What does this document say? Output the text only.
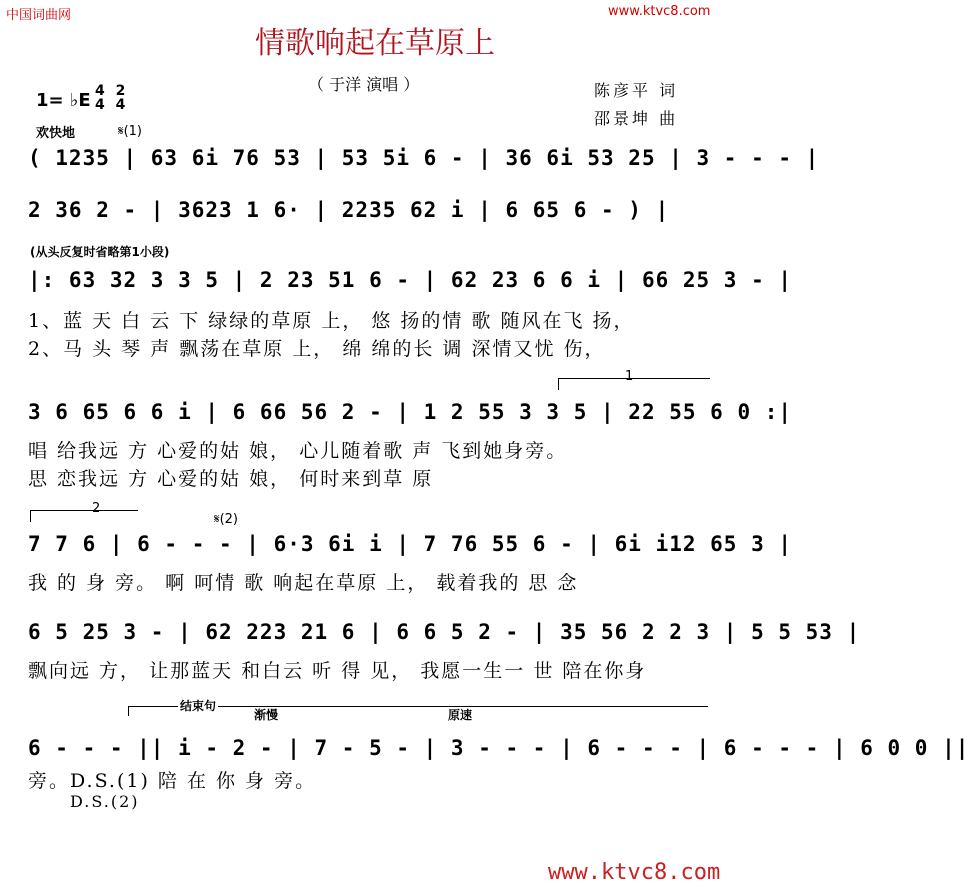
中国词曲网	www.ktvc8.com
情歌响起在草原上
（ 于洋 演唱 ）	陈彦平 词
邵景坤 曲
1= ♭E 4
4

2
4
欢快地	𝄋(1)
( 1235 | 63 6i 76 53 | 53 5i 6 - | 36 6i 53 25 | 3 - - - |
2 36 2 - | 3623 1 6· | 2235 62 i | 6 65 6 - ) |
(从头反复时省略第1小段)
|: 63 32 3 3 5 | 2 23 51 6 - | 62 23 6 6 i | 66 25 3 - |
1、蓝 天 白 云 下 绿绿的草原 上， 悠 扬的情 歌 随风在飞 扬，
2、马 头 琴 声 飘荡在草原 上， 绵 绵的长 调 深情又忧 伤，
1
3 6 65 6 6 i | 6 66 56 2 - | 1 2 55 3 3 5 | 22 55 6 0 :|
唱 给我远 方 心爱的姑 娘， 心儿随着歌 声 飞到她身旁。
思 恋我远 方 心爱的姑 娘， 何时来到草 原
2
𝄋(2)
7 7 6 | 6 - - - | 6·3 6i i | 7 76 55 6 - | 6i i12 65 3 |
我 的 身 旁。 啊 呵情 歌 响起在草原 上， 载着我的 思 念
6 5 25 3 - | 62 223 21 6 | 6 6 5 2 - | 35 56 2 2 3 | 5 5 53 |
飘向远 方， 让那蓝天 和白云 听 得 见， 我愿一生一 世 陪在你身
结束句
渐慢	原速
6 - - - || i - 2 - | 7 - 5 - | 3 - - - | 6 - - - | 6 - - - | 6 0 0 ||
旁。D.S.(1) 陪 在 你 身 旁。
D.S.(2)
www.ktvc8.com
